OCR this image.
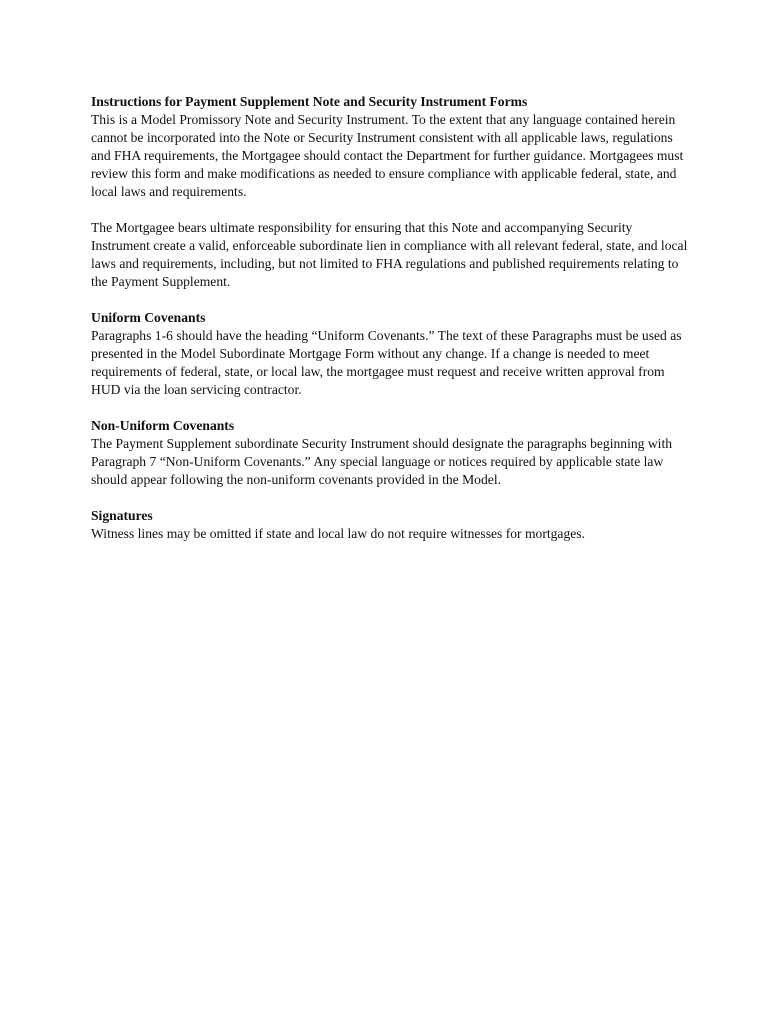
Instructions for Payment Supplement Note and Security Instrument Forms

This is a Model Promissory Note and Security Instrument. To the extent that any language contained herein cannot be incorporated into the Note or Security Instrument consistent with all applicable laws, regulations and FHA requirements, the Mortgagee should contact the Department for further guidance. Mortgagees must review this form and make modifications as needed to ensure compliance with applicable federal, state, and local laws and requirements.

The Mortgagee bears ultimate responsibility for ensuring that this Note and accompanying Security Instrument create a valid, enforceable subordinate lien in compliance with all relevant federal, state, and local laws and requirements, including, but not limited to FHA regulations and published requirements relating to the Payment Supplement.

Uniform Covenants

Paragraphs 1-6 should have the heading “Uniform Covenants.” The text of these Paragraphs must be used as presented in the Model Subordinate Mortgage Form without any change. If a change is needed to meet requirements of federal, state, or local law, the mortgagee must request and receive written approval from HUD via the loan servicing contractor.

Non-Uniform Covenants

The Payment Supplement subordinate Security Instrument should designate the paragraphs beginning with Paragraph 7 “Non-Uniform Covenants.” Any special language or notices required by applicable state law should appear following the non-uniform covenants provided in the Model.

Signatures

Witness lines may be omitted if state and local law do not require witnesses for mortgages.
